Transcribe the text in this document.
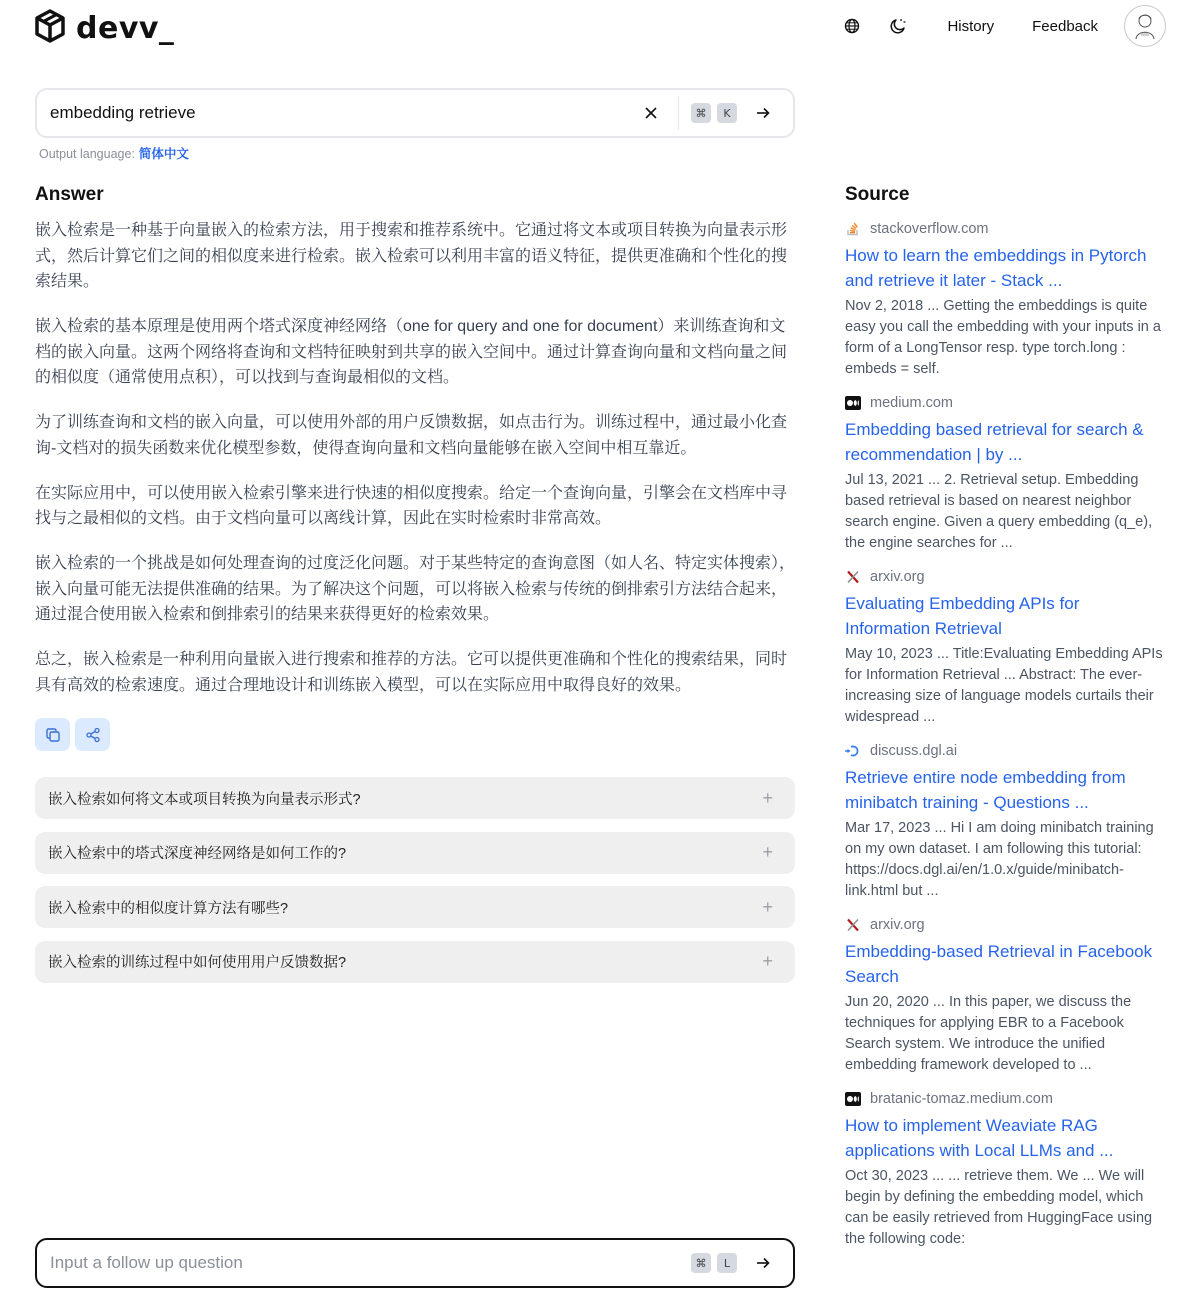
devv_	History	Feedback
embedding retrieve
⌘	K
Output language: 简体中文
Answer

嵌入检索是一种基于向量嵌入的检索方法，用于搜索和推荐系统中。它通过将文本或项目转换为向量表示形式，然后计算它们之间的相似度来进行检索。嵌入检索可以利用丰富的语义特征，提供更准确和个性化的搜索结果。

嵌入检索的基本原理是使用两个塔式深度神经网络（one for query and one for document）来训练查询和文档的嵌入向量。这两个网络将查询和文档特征映射到共享的嵌入空间中。通过计算查询向量和文档向量之间的相似度（通常使用点积），可以找到与查询最相似的文档。

为了训练查询和文档的嵌入向量，可以使用外部的用户反馈数据，如点击行为。训练过程中，通过最小化查询-文档对的损失函数来优化模型参数，使得查询向量和文档向量能够在嵌入空间中相互靠近。

在实际应用中，可以使用嵌入检索引擎来进行快速的相似度搜索。给定一个查询向量，引擎会在文档库中寻找与之最相似的文档。由于文档向量可以离线计算，因此在实时检索时非常高效。

嵌入检索的一个挑战是如何处理查询的过度泛化问题。对于某些特定的查询意图（如人名、特定实体搜索），嵌入向量可能无法提供准确的结果。为了解决这个问题，可以将嵌入检索与传统的倒排索引方法结合起来，通过混合使用嵌入检索和倒排索引的结果来获得更好的检索效果。

总之，嵌入检索是一种利用向量嵌入进行搜索和推荐的方法。它可以提供更准确和个性化的搜索结果，同时具有高效的检索速度。通过合理地设计和训练嵌入模型，可以在实际应用中取得良好的效果。

嵌入检索如何将文本或项目转换为向量表示形式?	+
嵌入检索中的塔式深度神经网络是如何工作的?	+
嵌入检索中的相似度计算方法有哪些?	+
嵌入检索的训练过程中如何使用用户反馈数据?	+
Input a follow up question
⌘	L
Source
stackoverflow.com
How to learn the embeddings in Pytorch and retrieve it later - Stack ...
Nov 2, 2018 ... Getting the embeddings is quite easy you call the embedding with your inputs in a form of a LongTensor resp. type torch.long : embeds = self.
medium.com
Embedding based retrieval for search & recommendation | by ...
Jul 13, 2021 ... 2. Retrieval setup. Embedding based retrieval is based on nearest neighbor search engine. Given a query embedding (q_e), the engine searches for ...
arxiv.org
Evaluating Embedding APIs for Information Retrieval
May 10, 2023 ... Title:Evaluating Embedding APIs for Information Retrieval ... Abstract: The ever-increasing size of language models curtails their widespread ...
discuss.dgl.ai
Retrieve entire node embedding from minibatch training - Questions ...
Mar 17, 2023 ... Hi I am doing minibatch training on my own dataset. I am following this tutorial: https://docs.dgl.ai/en/1.0.x/guide/minibatch-link.html but ...
arxiv.org
Embedding-based Retrieval in Facebook Search
Jun 20, 2020 ... In this paper, we discuss the techniques for applying EBR to a Facebook Search system. We introduce the unified embedding framework developed to ...
bratanic-tomaz.medium.com
How to implement Weaviate RAG applications with Local LLMs and ...
Oct 30, 2023 ... ... retrieve them. We ... We will begin by defining the embedding model, which can be easily retrieved from HuggingFace using the following code:
